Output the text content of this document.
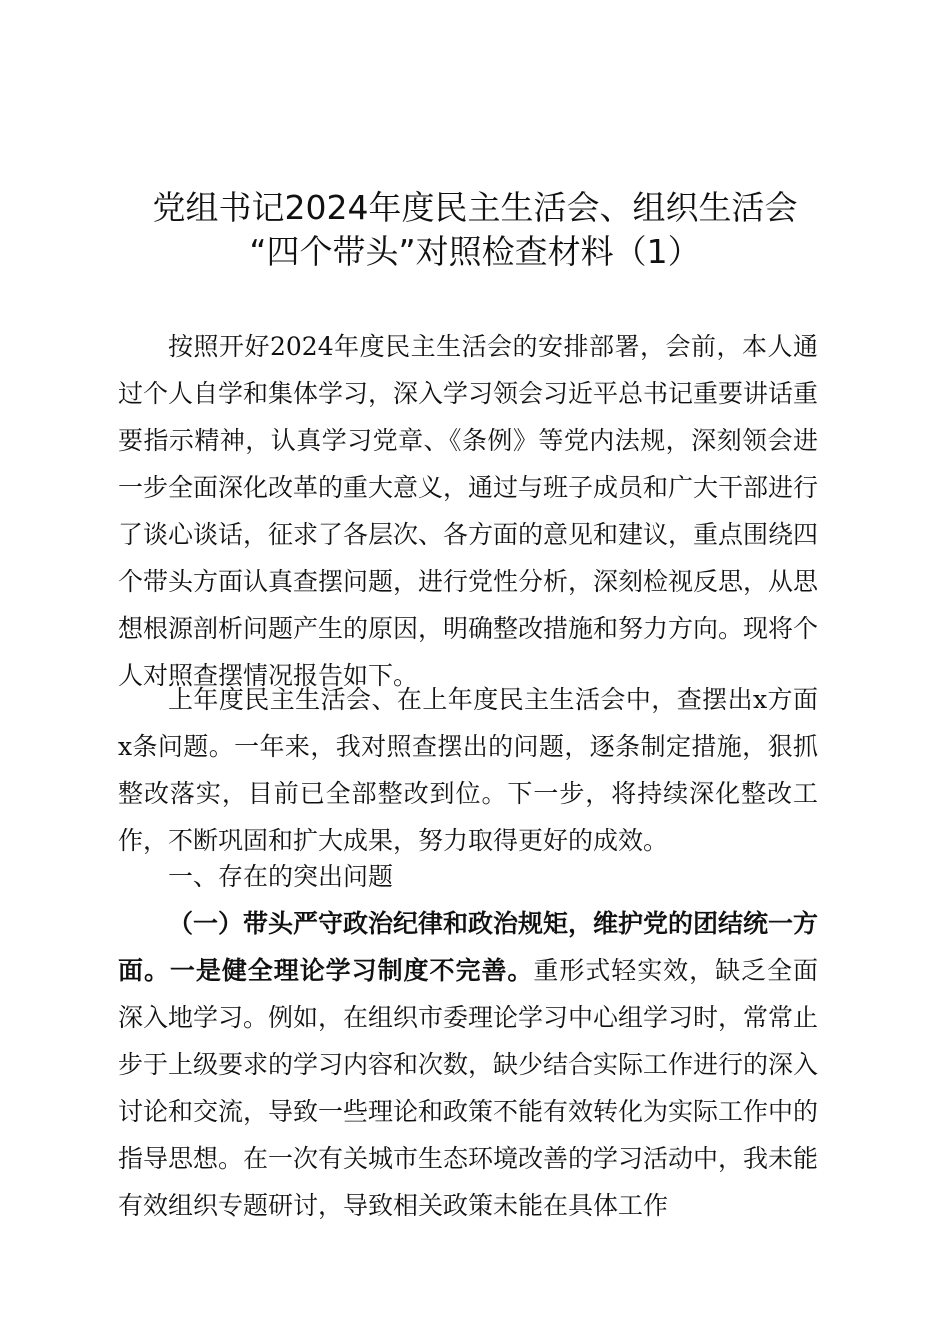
党组书记2024年度民主生活会、组织生活会
“四个带头”对照检查材料（1）

按照开好2024年度民主生活会的安排部署，会前，本人通过个人自学和集体学习，深入学习领会习近平总书记重要讲话重要指示精神，认真学习党章、《条例》等党内法规，深刻领会进一步全面深化改革的重大意义，通过与班子成员和广大干部进行了谈心谈话，征求了各层次、各方面的意见和建议，重点围绕四个带头方面认真查摆问题，进行党性分析，深刻检视反思，从思想根源剖析问题产生的原因，明确整改措施和努力方向。现将个人对照查摆情况报告如下。

上年度民主生活会、在上年度民主生活会中，查摆出x方面x条问题。一年来，我对照查摆出的问题，逐条制定措施，狠抓整改落实，目前已全部整改到位。下一步，将持续深化整改工作，不断巩固和扩大成果，努力取得更好的成效。

一、存在的突出问题

（一）带头严守政治纪律和政治规矩，维护党的团结统一方面。一是健全理论学习制度不完善。重形式轻实效，缺乏全面深入地学习。例如，在组织市委理论学习中心组学习时，常常止步于上级要求的学习内容和次数，缺少结合实际工作进行的深入讨论和交流，导致一些理论和政策不能有效转化为实际工作中的指导思想。在一次有关城市生态环境改善的学习活动中，我未能有效组织专题研讨，导致相关政策未能在具体工作
